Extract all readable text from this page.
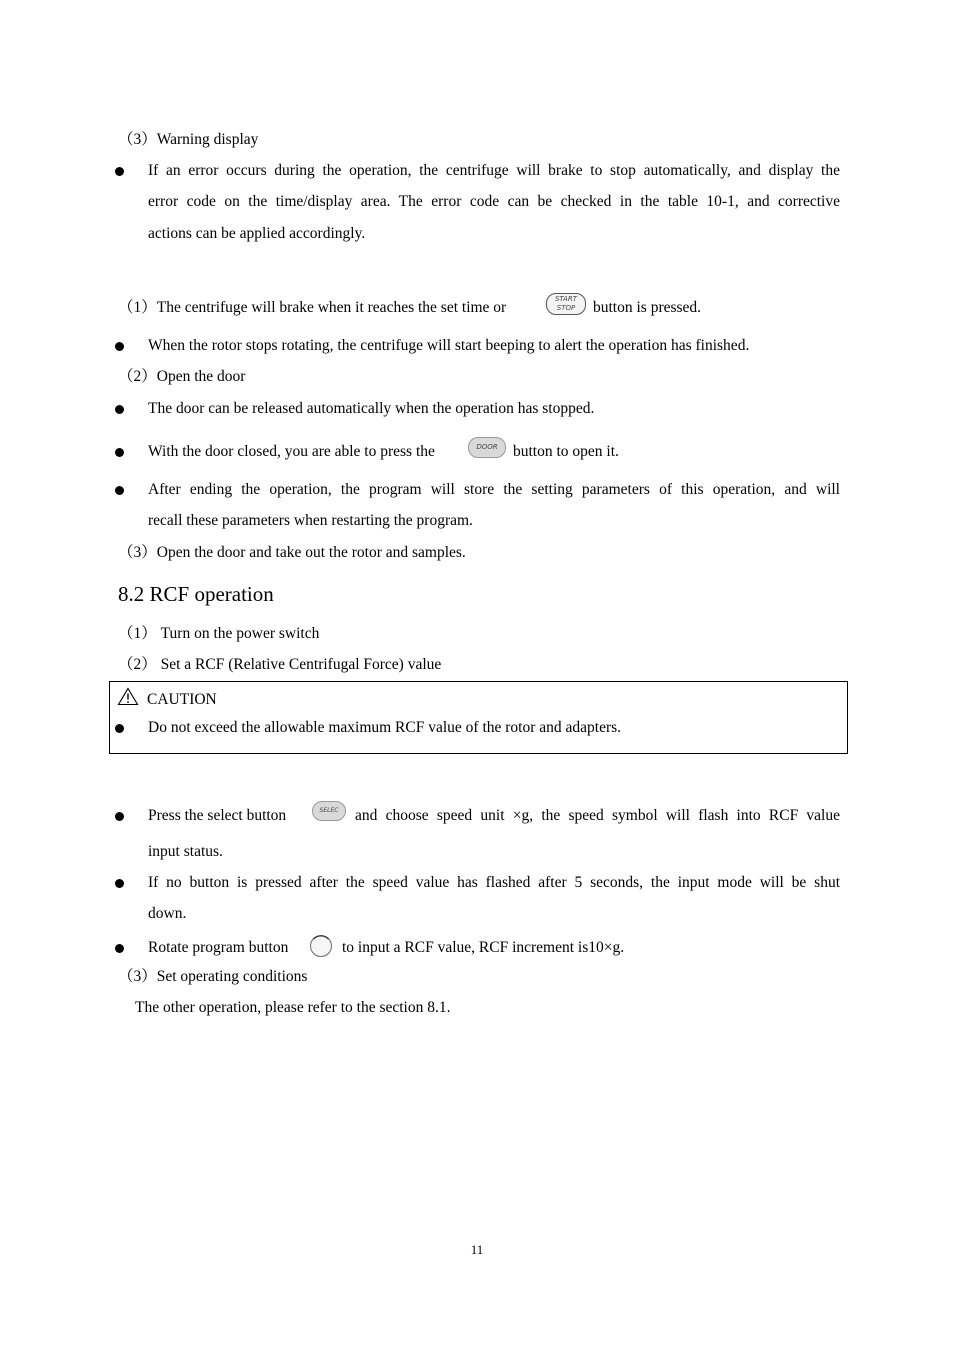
（3）Warning display
If an error occurs during the operation, the centrifuge will brake to stop automatically, and display the
error code on the time/display area. The error code can be checked in the table 10-1, and corrective
actions can be applied accordingly.
（1）The centrifuge will brake when it reaches the set time or	START
STOP	button is pressed.
When the rotor stops rotating, the centrifuge will start beeping to alert the operation has finished.
（2）Open the door
The door can be released automatically when the operation has stopped.
With the door closed, you are able to press the	DOOR button to open it.
After ending the operation, the program will store the setting parameters of this operation, and will
recall these parameters when restarting the program.
（3）Open the door and take out the rotor and samples.
8.2 RCF operation
（1） Turn on the power switch
（2） Set a RCF (Relative Centrifugal Force) value
CAUTION
Do not exceed the allowable maximum RCF value of the rotor and adapters.
Press the select button	SELEC	and choose speed unit ×g, the speed symbol will flash into RCF value
input status.
If no button is pressed after the speed value has flashed after 5 seconds, the input mode will be shut
down.
Rotate program button	to input a RCF value, RCF increment is10×g.
（3）Set operating conditions
The other operation, please refer to the section 8.1.
11
